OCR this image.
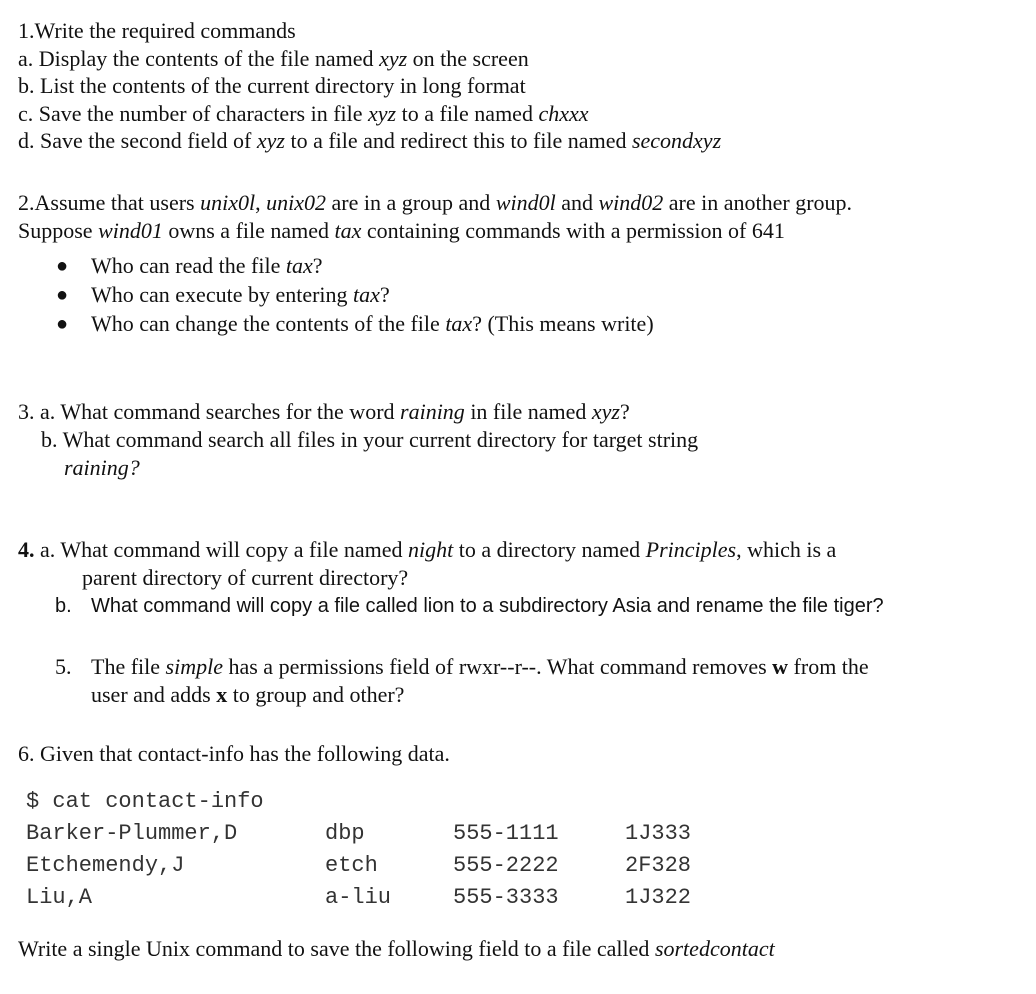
1.Write the required commands
a. Display the contents of the file named xyz on the screen
b. List the contents of the current directory in long format
c. Save the number of characters in file xyz to a file named chxxx
d. Save the second field of xyz to a file and redirect this to file named secondxyz
2.Assume that users unix0l, unix02 are in a group and wind0l and wind02 are in another group.
Suppose wind01 owns a file named tax containing commands with a permission of 641
● Who can read the file tax?
● Who can execute by entering tax?
● Who can change the contents of the file tax? (This means write)
3. a. What command searches for the word raining in file named xyz?
b. What command search all files in your current directory for target string
raining?
4. a. What command will copy a file named night to a directory named Principles, which is a
parent directory of current directory?
b. What command will copy a file called lion to a subdirectory Asia and rename the file tiger?
5. The file simple has a permissions field of rwxr--r--. What command removes w from the
user and adds x to group and other?
6. Given that contact-info has the following data.
$ cat contact-info
Barker-Plummer,D	dbp	555-1111	1J333
Etchemendy,J	etch	555-2222	2F328
Liu,A	a-liu	555-3333	1J322
Write a single Unix command to save the following field to a file called sortedcontact
